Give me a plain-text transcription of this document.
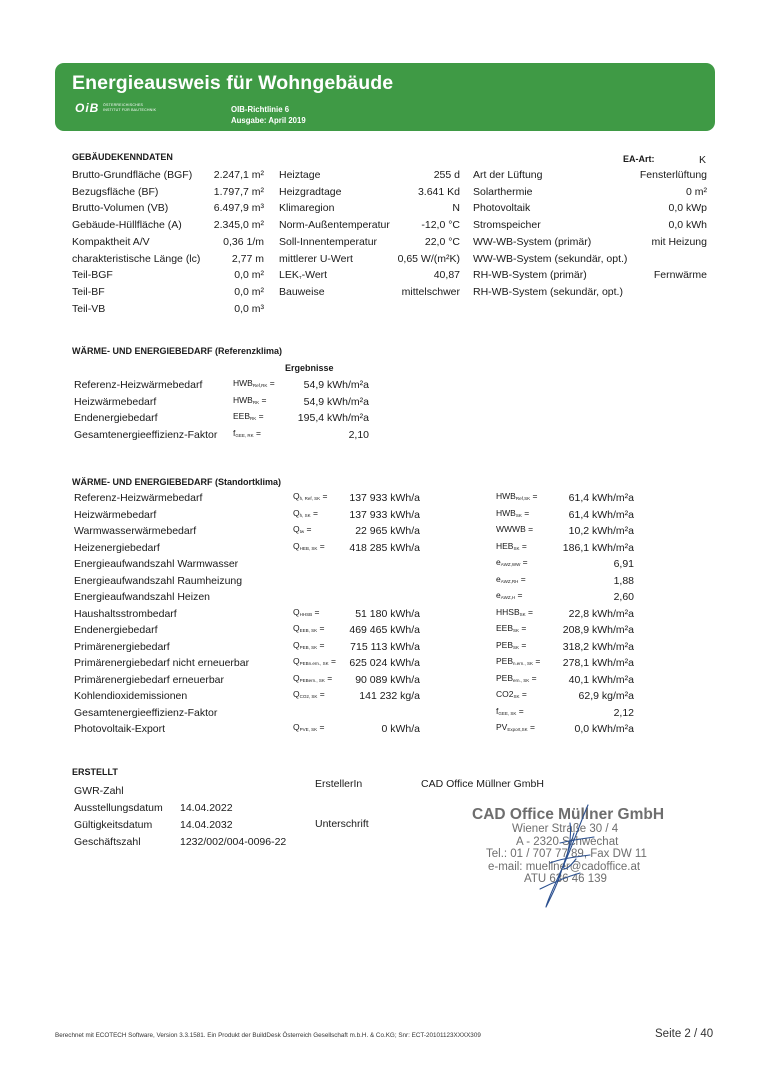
Energieausweis für Wohngebäude
OiB ÖSTERREICHISCHES
INSTITUT FÜR BAUTECHNIK	OIB-Richtlinie 6
Ausgabe: April 2019
GEBÄUDEKENNDATEN	EA-Art:	K
Brutto-Grundfläche (BGF)	2.247,1 m²
Bezugsfläche (BF)	1.797,7 m²
Brutto-Volumen (VB)	6.497,9 m³
Gebäude-Hüllfläche (A)	2.345,0 m²
Kompaktheit A/V	0,36 1/m
charakteristische Länge (lc)	2,77 m
Teil-BGF	0,0 m²
Teil-BF	0,0 m²
Teil-VB	0,0 m³
Heiztage	255 d
Heizgradtage	3.641 Kd
Klimaregion	N
Norm-Außentemperatur	-12,0 °C
Soll-Innentemperatur	22,0 °C
mittlerer U-Wert	0,65 W/(m²K)
$LEK_T$-Wert	40,87
Bauweise	mittelschwer
Art der Lüftung	Fensterlüftung
Solarthermie	0 m²
Photovoltaik	0,0 kWp
Stromspeicher	0,0 kWh
WW-WB-System (primär)	mit Heizung
WW-WB-System (sekundär, opt.)
RH-WB-System (primär)	Fernwärme
RH-WB-System (sekundär, opt.)
WÄRME- UND ENERGIEBEDARF (Referenzklima)
Ergebnisse
Referenz-Heizwärmebedarf	$HWB_{Ref,RK}$ =	54,9 kWh/m²a
Heizwärmebedarf	$HWB_{RK}$ =	54,9 kWh/m²a
Endenergiebedarf	$EEB_{RK}$ =	195,4 kWh/m²a
Gesamtenergieeffizienz-Faktor $f_{GEE, RK}$ =	2,10
WÄRME- UND ENERGIEBEDARF (Standortklima)
Referenz-Heizwärmebedarf	$Q_{h, Ref, SK}$ =	137 933 kWh/a	$HWB_{Ref,SK}$ =	61,4 kWh/m²a
Heizwärmebedarf	$Q_{h, SK}$ =	137 933 kWh/a	$HWB_{SK}$ =	61,4 kWh/m²a
Warmwasserwärmebedarf	$Q_{tw}$ =	22 965 kWh/a	WWWB =	10,2 kWh/m²a
Heizenergiebedarf	$Q_{HEB, SK}$ =	418 285 kWh/a	$HEB_{SK}$ =	186,1 kWh/m²a
Energieaufwandszahl Warmwasser	$e_{AWZ,WW}$ =	6,91
Energieaufwandszahl Raumheizung	$e_{AWZ,RH}$ =	1,88
Energieaufwandszahl Heizen	$e_{AWZ,H}$ =	2,60
Haushaltsstrombedarf	$Q_{HHSB}$ =	51 180 kWh/a	$HHSB_{SK}$ =	22,8 kWh/m²a
Endenergiebedarf	$Q_{EEB, SK}$ =	469 465 kWh/a	$EEB_{SK}$ =	208,9 kWh/m²a
Primärenergiebedarf	$Q_{PEB, SK}$ =	715 113 kWh/a	$PEB_{SK}$ =	318,2 kWh/m²a
Primärenergiebedarf nicht erneuerbar	$Q_{PEBn.ern., SK}$ =	625 024 kWh/a	$PEB_{n.ern., SK}$ =	278,1 kWh/m²a
Primärenergiebedarf erneuerbar	$Q_{PEBern., SK}$ =	90 089 kWh/a	$PEB_{ern., SK}$ =	40,1 kWh/m²a
Kohlendioxidemissionen	$Q_{CO2, SK}$ =	141 232 kg/a	$CO2_{SK}$ =	62,9 kg/m²a
Gesamtenergieeffizienz-Faktor	$f_{GEE, SK}$ =	2,12
Photovoltaik-Export	$Q_{PVE, SK}$ =	0 kWh/a	$PV_{Export,SK}$ =	0,0 kWh/m²a
ERSTELLT
GWR-Zahl
Ausstellungsdatum 14.04.2022
Gültigkeitsdatum	14.04.2032
Geschäftszahl	1232/002/004-0096-22
ErstellerIn	CAD Office Müllner GmbH
Unterschrift
CAD Office Müllner GmbH
Wiener Straße 30 / 4
A - 2320 Schwechat
Tel.: 01 / 707 77 89, Fax DW 11
e-mail: muellner@cadoffice.at
ATU 636 46 139
Berechnet mit ECOTECH Software, Version 3.3.1581. Ein Produkt der BuildDesk Österreich Gesellschaft m.b.H. & Co.KG; Snr: ECT-20101123XXXX309	Seite 2 / 40
